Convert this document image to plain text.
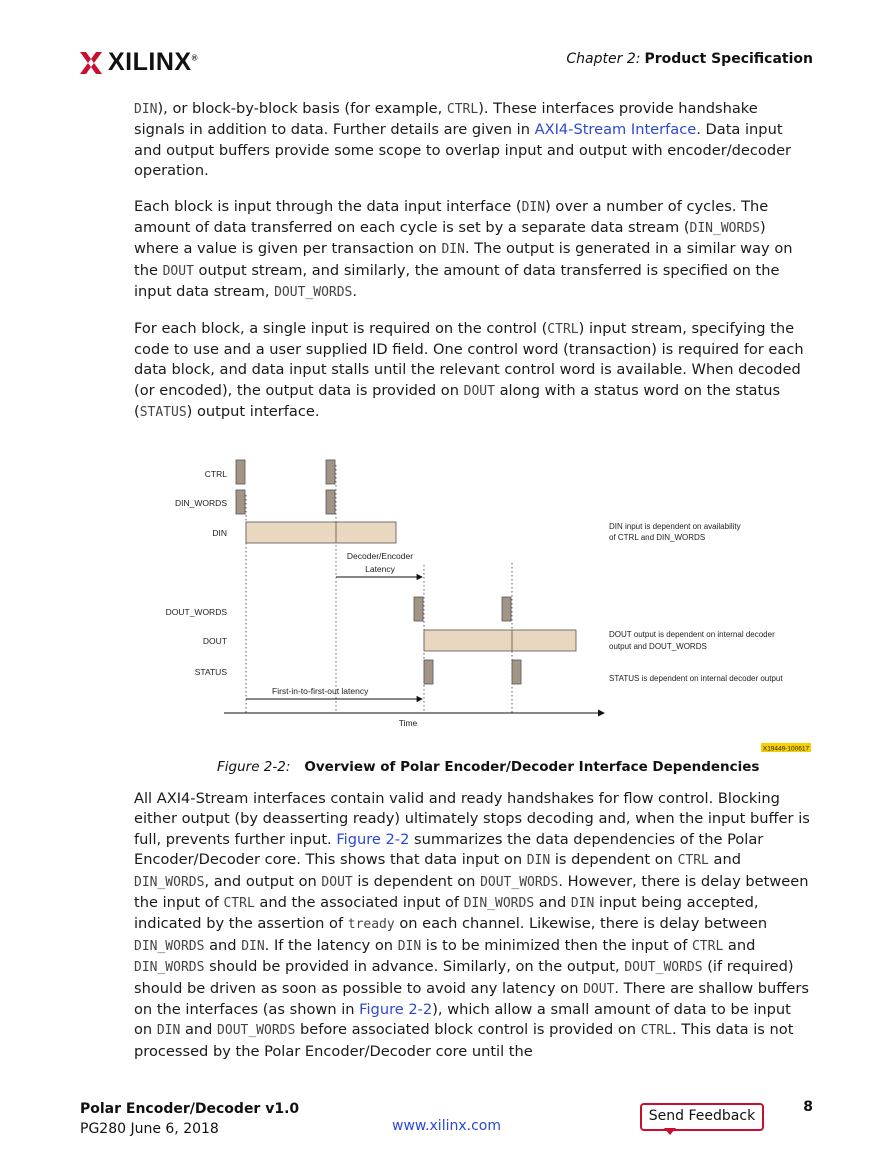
XILINX®	Chapter 2: Product Specification

DIN), or block-by-block basis (for example, CTRL). These interfaces provide handshake signals in addition to data. Further details are given in AXI4-Stream Interface. Data input and output buffers provide some scope to overlap input and output with encoder/decoder operation.

Each block is input through the data input interface (DIN) over a number of cycles. The amount of data transferred on each cycle is set by a separate data stream (DIN_WORDS) where a value is given per transaction on DIN. The output is generated in a similar way on the DOUT output stream, and similarly, the amount of data transferred is specified on the input data stream, DOUT_WORDS.

For each block, a single input is required on the control (CTRL) input stream, specifying the code to use and a user supplied ID field. One control word (transaction) is required for each data block, and data input stalls until the relevant control word is available. When decoded (or encoded), the output data is provided on DOUT along with a status word on the status (STATUS) output interface.

CTRL
DIN_WORDS
DIN
DOUT_WORDS
DOUT
STATUS
Decoder/Encoder
Latency
First-in-to-first-out latency
Time
DIN input is dependent on availability
of CTRL and DIN_WORDS
DOUT output is dependent on internal decoder
output and DOUT_WORDS
STATUS is dependent on internal decoder output
X19449-100617
Figure 2-2: Overview of Polar Encoder/Decoder Interface Dependencies

All AXI4-Stream interfaces contain valid and ready handshakes for flow control. Blocking either output (by deasserting ready) ultimately stops decoding and, when the input buffer is full, prevents further input. Figure 2-2 summarizes the data dependencies of the Polar Encoder/Decoder core. This shows that data input on DIN is dependent on CTRL and DIN_WORDS, and output on DOUT is dependent on DOUT_WORDS. However, there is delay between the input of CTRL and the associated input of DIN_WORDS and DIN input being accepted, indicated by the assertion of tready on each channel. Likewise, there is delay between DIN_WORDS and DIN. If the latency on DIN is to be minimized then the input of CTRL and DIN_WORDS should be provided in advance. Similarly, on the output, DOUT_WORDS (if required) should be driven as soon as possible to avoid any latency on DOUT. There are shallow buffers on the interfaces (as shown in Figure 2-2), which allow a small amount of data to be input on DIN and DOUT_WORDS before associated block control is provided on CTRL. This data is not processed by the Polar Encoder/Decoder core until the

Polar Encoder/Decoder v1.0
PG280 June 6, 2018	www.xilinx.com
Send Feedback
8
